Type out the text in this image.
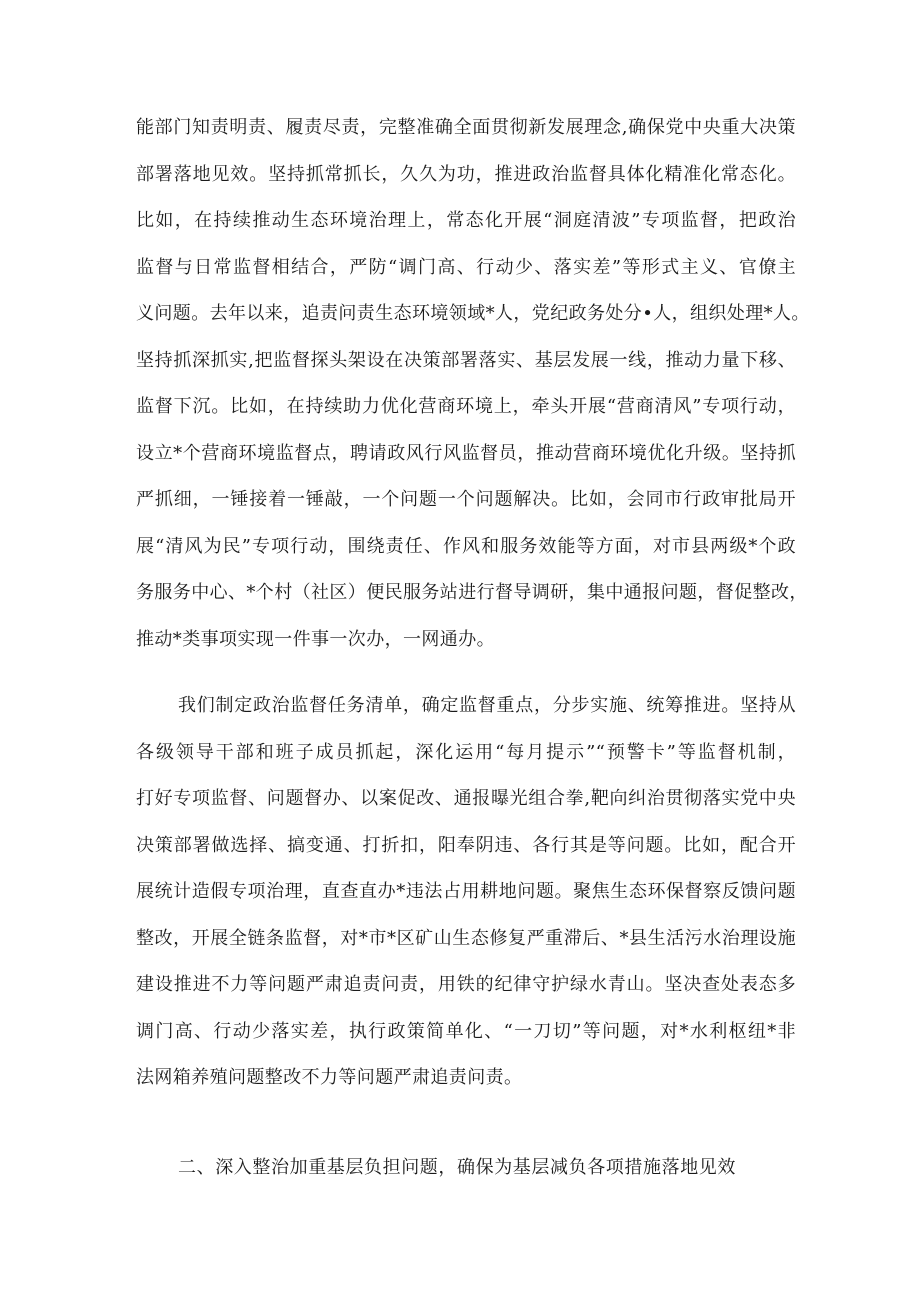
能部门知责明责、履责尽责，完整准确全面贯彻新发展理念,确保党中央重大决策
部署落地见效。坚持抓常抓长，久久为功，推进政治监督具体化精准化常态化。
比如，在持续推动生态环境治理上，常态化开展“洞庭清波”专项监督，把政治
监督与日常监督相结合，严防“调门高、行动少、落实差”等形式主义、官僚主
义问题。去年以来，追责问责生态环境领域*人，党纪政务处分•人，组织处理*人。
坚持抓深抓实,把监督探头架设在决策部署落实、基层发展一线，推动力量下移、
监督下沉。比如，在持续助力优化营商环境上，牵头开展“营商清风”专项行动，
设立*个营商环境监督点，聘请政风行风监督员，推动营商环境优化升级。坚持抓
严抓细，一锤接着一锤敲，一个问题一个问题解决。比如，会同市行政审批局开
展“清风为民”专项行动，围绕责任、作风和服务效能等方面，对市县两级*个政
务服务中心、*个村（社区）便民服务站进行督导调研，集中通报问题，督促整改，
推动*类事项实现一件事一次办，一网通办。
我们制定政治监督任务清单，确定监督重点，分步实施、统筹推进。坚持从
各级领导干部和班子成员抓起，深化运用“每月提示”“预警卡”等监督机制，
打好专项监督、问题督办、以案促改、通报曝光组合拳,靶向纠治贯彻落实党中央
决策部署做选择、搞变通、打折扣，阳奉阴违、各行其是等问题。比如，配合开
展统计造假专项治理，直查直办*违法占用耕地问题。聚焦生态环保督察反馈问题
整改，开展全链条监督，对*市*区矿山生态修复严重滞后、*县生活污水治理设施
建设推进不力等问题严肃追责问责，用铁的纪律守护绿水青山。坚决查处表态多
调门高、行动少落实差，执行政策简单化、“一刀切”等问题，对*水利枢纽*非
法网箱养殖问题整改不力等问题严肃追责问责。
二、深入整治加重基层负担问题，确保为基层减负各项措施落地见效
